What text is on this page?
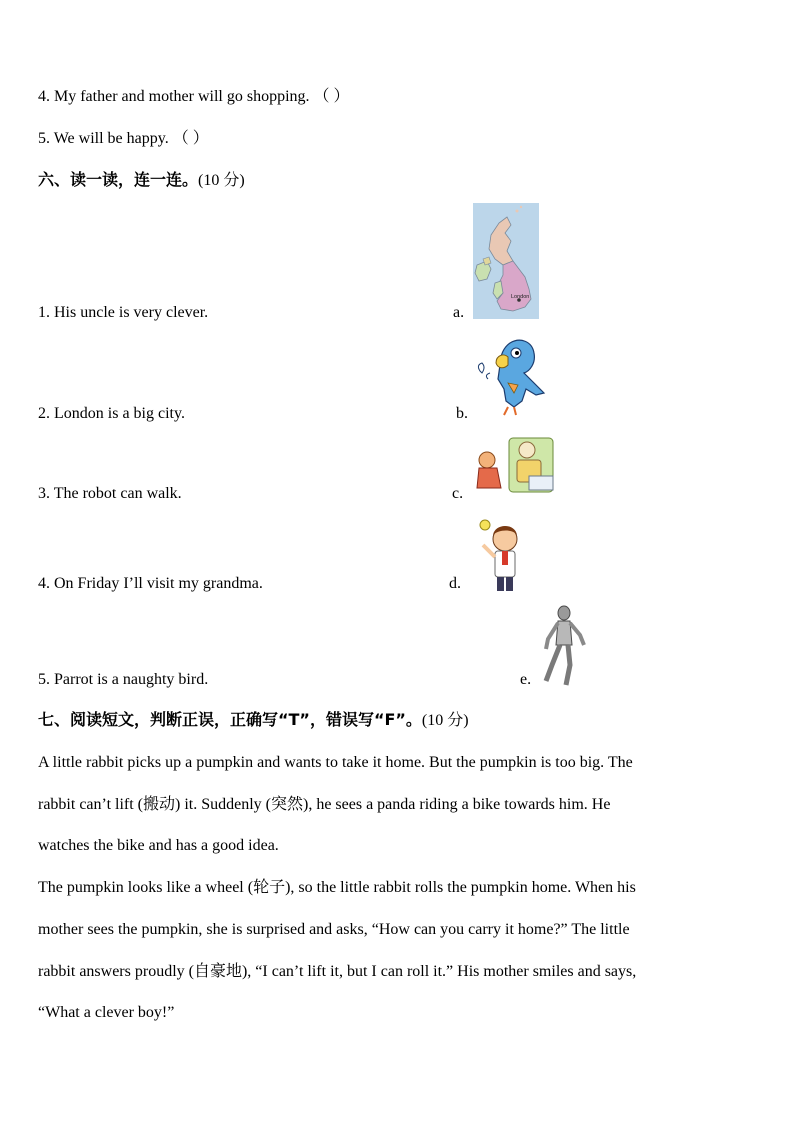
4. My father and mother will go shopping. （ ）
5. We will be happy. （ ）
六、读一读，连一连。(10 分)
1. His uncle is very clever.
2. London is a big city.
3. The robot can walk.
4. On Friday I’ll visit my grandma.
5. Parrot is a naughty bird.
a.
b.
c.
d.
e.
London
七、阅读短文，判断正误，正确写“T”，错误写“F”。(10 分)
A little rabbit picks up a pumpkin and wants to take it home. But the pumpkin is too big. The
rabbit can’t lift (搬动) it. Suddenly (突然), he sees a panda riding a bike towards him. He
watches the bike and has a good idea.
The pumpkin looks like a wheel (轮子), so the little rabbit rolls the pumpkin home. When his
mother sees the pumpkin, she is surprised and asks, “How can you carry it home?” The little
rabbit answers proudly (自豪地), “I can’t lift it, but I can roll it.” His mother smiles and says,
“What a clever boy!”
